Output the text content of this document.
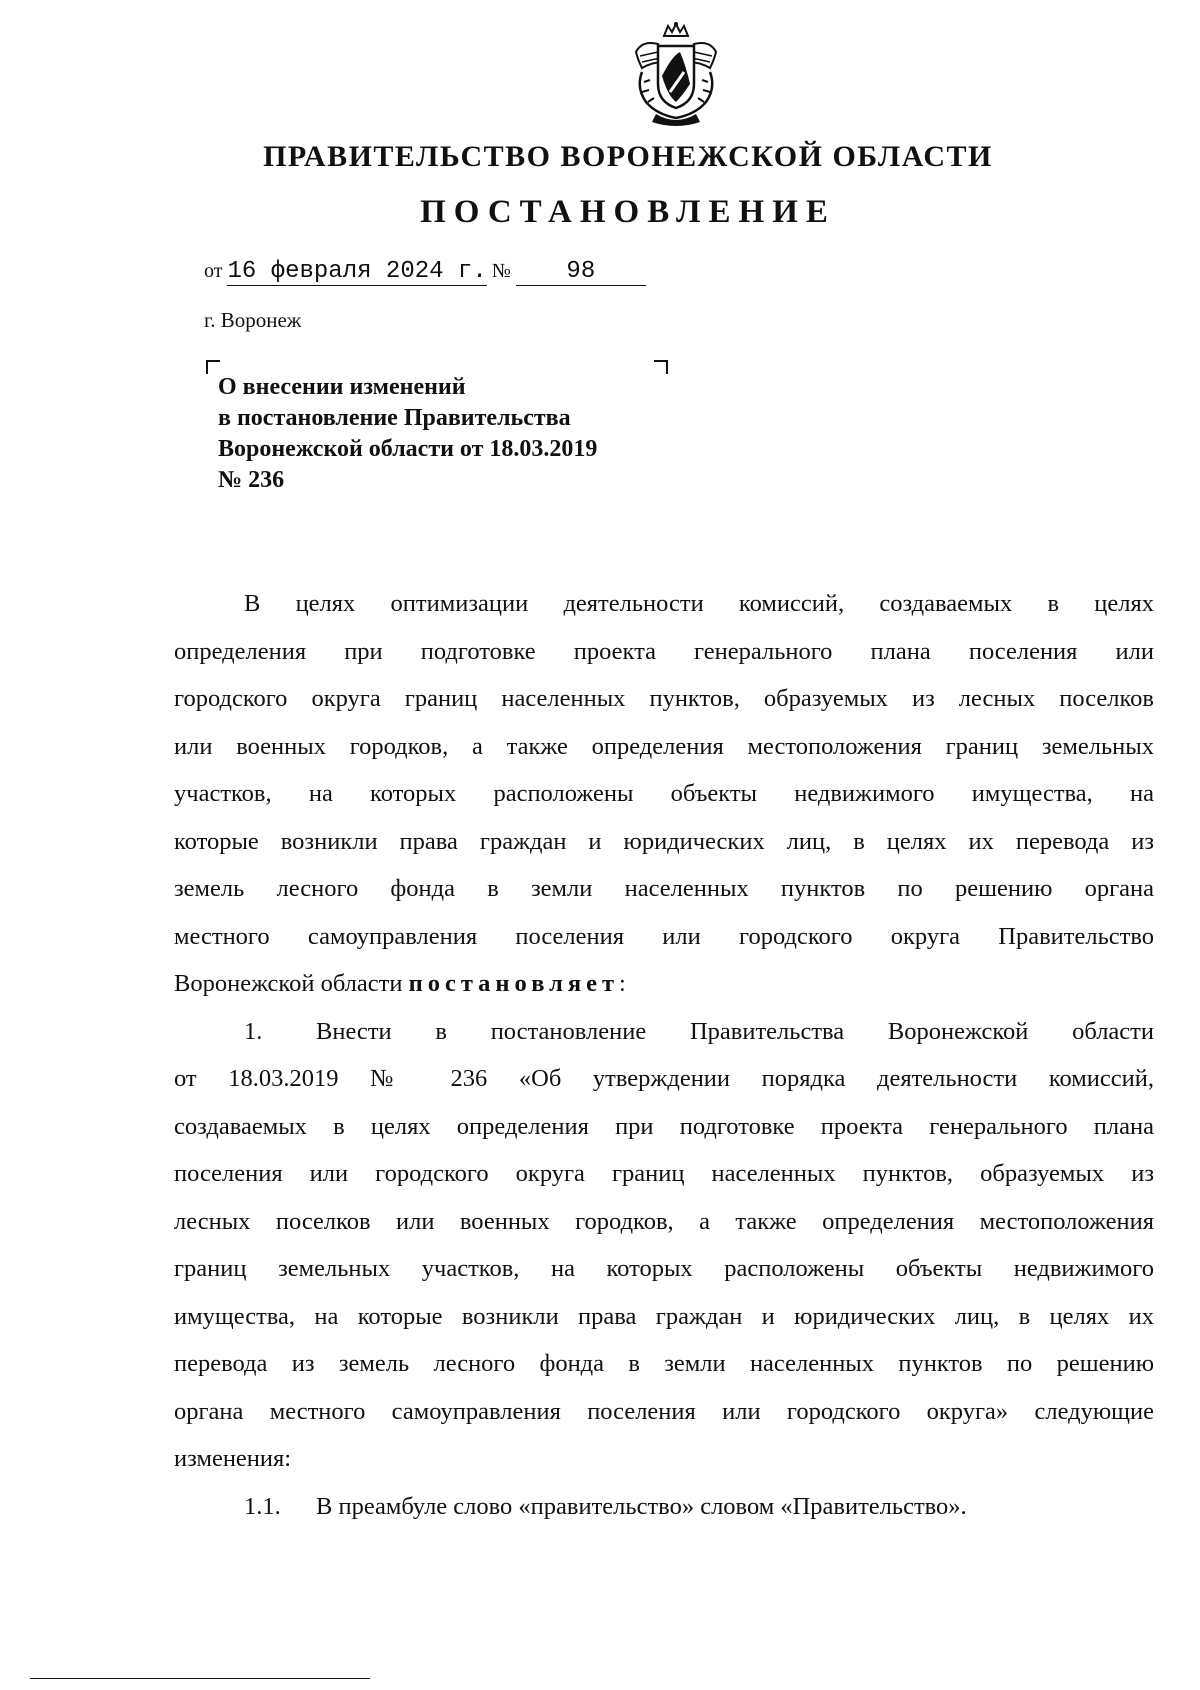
ПРАВИТЕЛЬСТВО ВОРОНЕЖСКОЙ ОБЛАСТИ
ПОСТАНОВЛЕНИЕ
от 16 февраля 2024 г. № 98
г. Воронеж
О внесении изменений
в постановление Правительства
Воронежской области от 18.03.2019
№ 236
В целях оптимизации деятельности комиссий, создаваемых в целях
определения при подготовке проекта генерального плана поселения или
городского округа границ населенных пунктов, образуемых из лесных поселков
или военных городков, а также определения местоположения границ земельных
участков, на которых расположены объекты недвижимого имущества, на
которые возникли права граждан и юридических лиц, в целях их перевода из
земель лесного фонда в земли населенных пунктов по решению органа
местного самоуправления поселения или городского округа Правительство
Воронежской области постановляет:
1. Внести в постановление Правительства Воронежской области
от 18.03.2019 № 236 «Об утверждении порядка деятельности комиссий,
создаваемых в целях определения при подготовке проекта генерального плана
поселения или городского округа границ населенных пунктов, образуемых из
лесных поселков или военных городков, а также определения местоположения
границ земельных участков, на которых расположены объекты недвижимого
имущества, на которые возникли права граждан и юридических лиц, в целях их
перевода из земель лесного фонда в земли населенных пунктов по решению
органа местного самоуправления поселения или городского округа» следующие
изменения:
1.1. В преамбуле слово «правительство» словом «Правительство».
